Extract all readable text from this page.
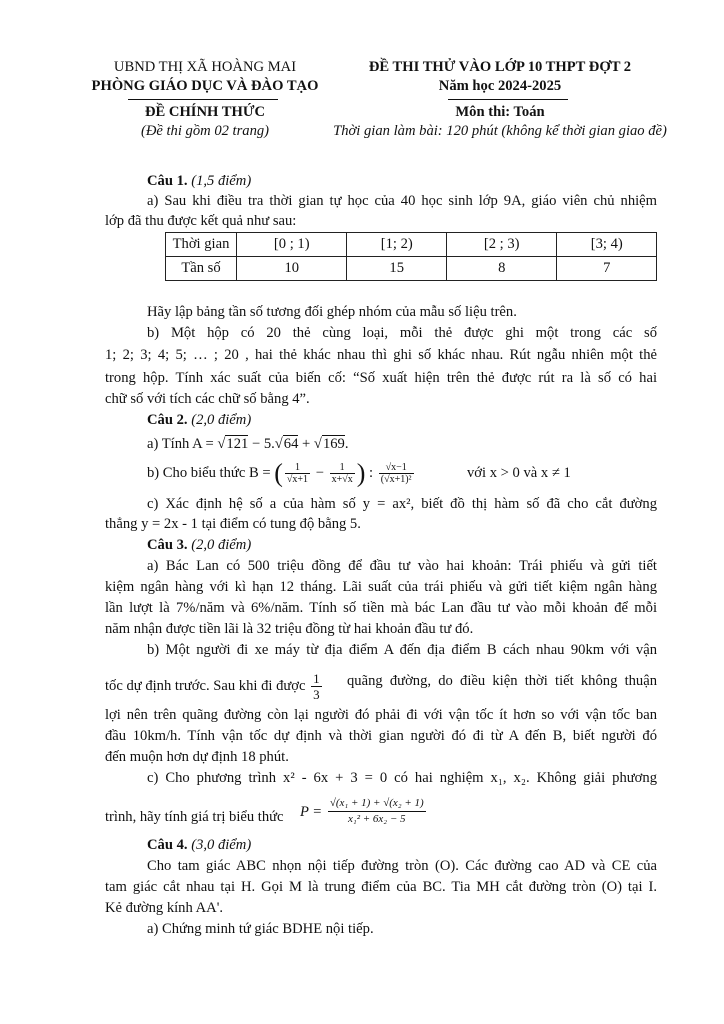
UBND THỊ XÃ HOÀNG MAI
PHÒNG GIÁO DỤC VÀ ĐÀO TẠO
ĐỀ CHÍNH THỨC
(Đề thi gồm 02 trang)
ĐỀ THI THỬ VÀO LỚP 10 THPT ĐỢT 2
Năm học 2024-2025
Môn thi: Toán
Thời gian làm bài: 120 phút (không kể thời gian giao đề)
Câu 1. (1,5 điểm)
a) Sau khi điều tra thời gian tự học của 40 học sinh lớp 9A, giáo viên chủ nhiệm
lớp đã thu được kết quả như sau:
Thời gian	[0 ; 1)	[1; 2)	[2 ; 3)	[3; 4)
Tần số	10	15	8	7
Hãy lập bảng tần số tương đối ghép nhóm của mẫu số liệu trên.
b) Một hộp có 20 thẻ cùng loại, mỗi thẻ được ghi một trong các số
1; 2; 3; 4; 5; … ; 20 , hai thẻ khác nhau thì ghi số khác nhau. Rút ngẫu nhiên một thẻ
trong hộp. Tính xác suất của biến cố: “Số xuất hiện trên thẻ được rút ra là số có hai
chữ số với tích các chữ số bằng 4”.
Câu 2. (2,0 điểm)
a) Tính A = √121 − 5.√64 + √169.
b) Cho biểu thức B = ( $\frac{1}{√x+1} - \frac{1}{x+√x}$ ) : $\frac{√x-1}{\text{(√x+1)²}}$	với x > 0 và x ≠ 1
c) Xác định hệ số a của hàm số y = ax², biết đồ thị hàm số đã cho cắt đường
thẳng y = 2x - 1 tại điểm có tung độ bằng 5.
Câu 3. (2,0 điểm)
a) Bác Lan có 500 triệu đồng để đầu tư vào hai khoản: Trái phiếu và gửi tiết
kiệm ngân hàng với kì hạn 12 tháng. Lãi suất của trái phiếu và gửi tiết kiệm ngân hàng
lần lượt là 7%/năm và 6%/năm. Tính số tiền mà bác Lan đầu tư vào mỗi khoản để mỗi
năm nhận được tiền lãi là 32 triệu đồng từ hai khoản đầu tư đó.
b) Một người đi xe máy từ địa điểm A đến địa điểm B cách nhau 90km với vận
tốc dự định trước. Sau khi đi được $\frac{1}{3}$ quãng đường, do điều kiện thời tiết không thuận
lợi nên trên quãng đường còn lại người đó phải đi với vận tốc ít hơn so với vận tốc ban
đầu 10km/h. Tính vận tốc dự định và thời gian người đó đi từ A đến B, biết người đó
đến muộn hơn dự định 18 phút.
c) Cho phương trình x² - 6x + 3 = 0 có hai nghiệm x₁, x₂. Không giải phương
trình, hãy tính giá trị biểu thức $P = \frac{\text{√(x₁ + 1) + √(x₂ + 1)}}{\text{x₁² + 6x₂ − 5}}$
Câu 4. (3,0 điểm)
Cho tam giác ABC nhọn nội tiếp đường tròn (O). Các đường cao AD và CE của
tam giác cắt nhau tại H. Gọi M là trung điểm của BC. Tia MH cắt đường tròn (O) tại I.
Kẻ đường kính AA'.
a) Chứng minh tứ giác BDHE nội tiếp.
